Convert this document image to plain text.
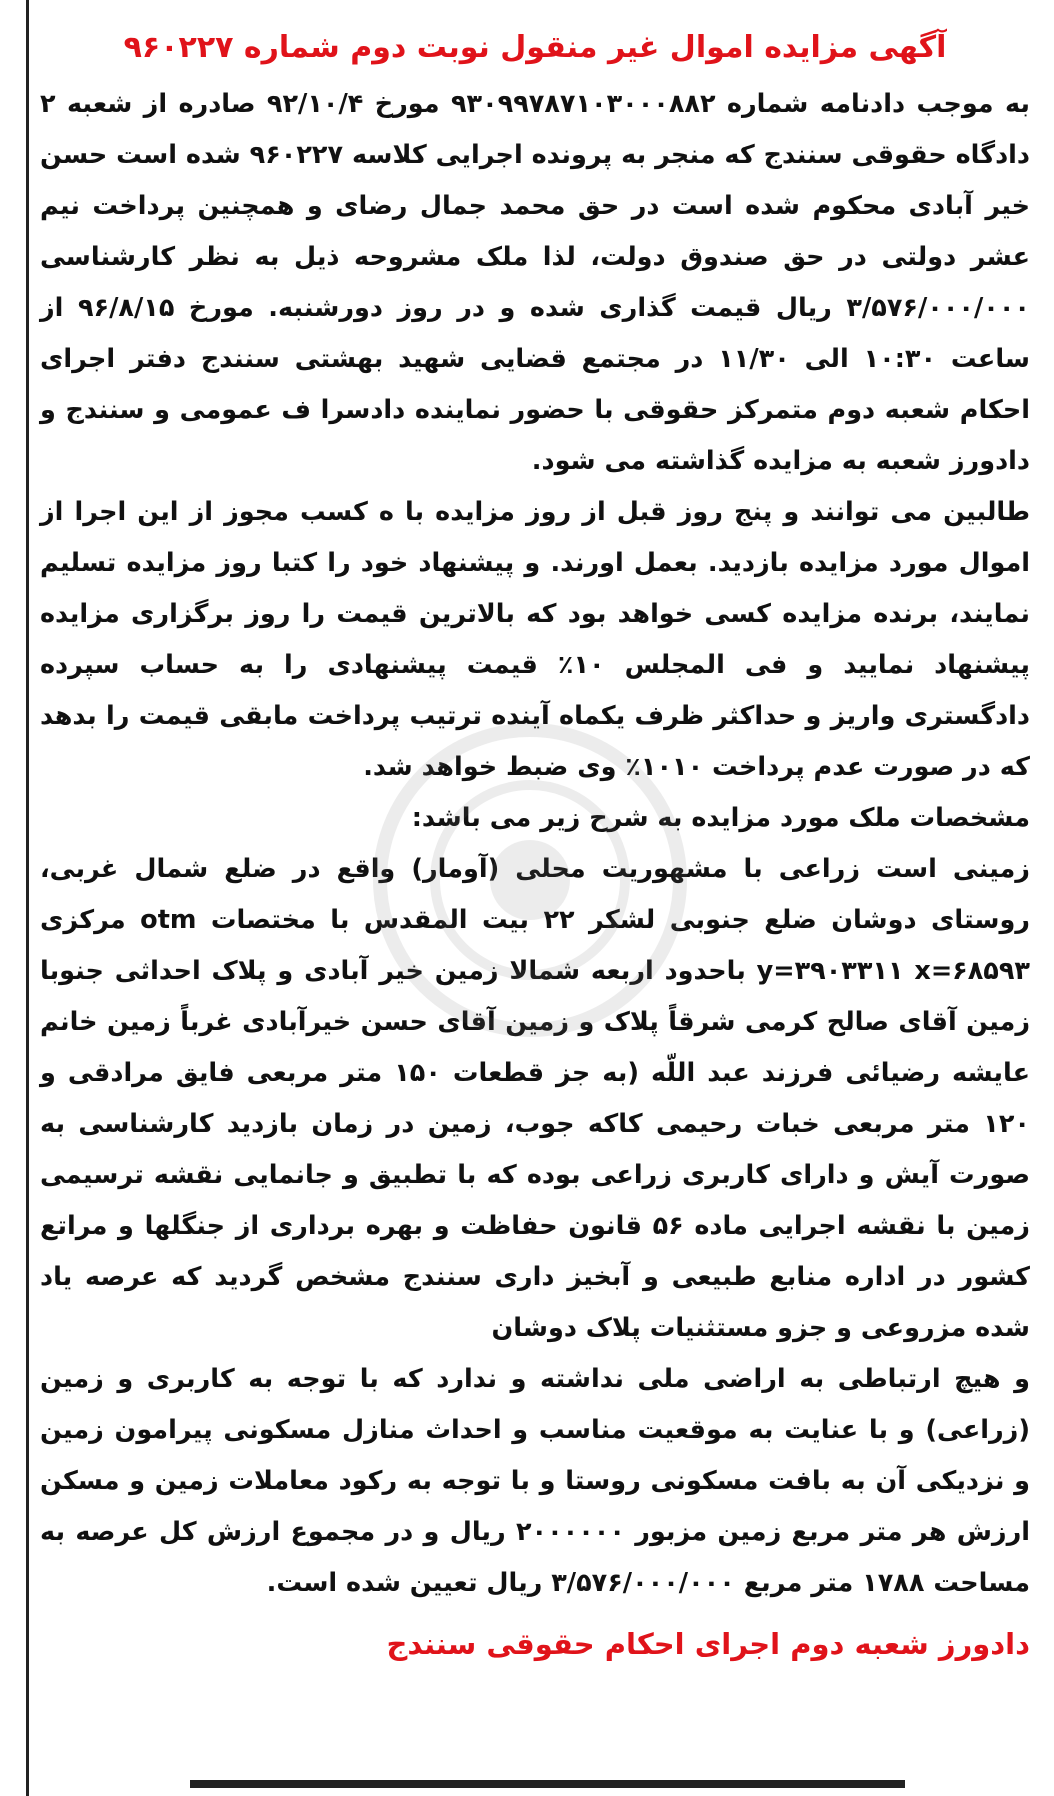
آگهی مزایده اموال غیر منقول نوبت دوم شماره ۹۶۰۲۲۷

به موجب دادنامه شماره ۹۳۰۹۹۷۸۷۱۰۳۰۰۰۸۸۲ مورخ ۹۲/۱۰/۴ صادره از شعبه ۲ دادگاه حقوقی سنندج که منجر به پرونده اجرایی کلاسه ۹۶۰۲۲۷ شده است حسن خیر آبادی محکوم شده است در حق محمد جمال رضای و همچنین پرداخت نیم عشر دولتی در حق صندوق دولت، لذا ملک مشروحه ذیل به نظر کارشناسی ۳/۵۷۶/۰۰۰/۰۰۰ ریال قیمت گذاری شده و در روز دورشنبه. مورخ ۹۶/۸/۱۵ از ساعت ۱۰:۳۰ الی ۱۱/۳۰ در مجتمع قضایی شهید بهشتی سنندج دفتر اجرای احکام شعبه دوم متمرکز حقوقی با حضور نماینده دادسرا ف عمومی و سنندج و دادورز شعبه به مزایده گذاشته می شود.

طالبین می توانند و پنج روز قبل از روز مزایده با ه کسب مجوز از این اجرا از اموال مورد مزایده بازدید. بعمل اورند. و پیشنهاد خود را کتبا روز مزایده تسلیم نمایند، برنده مزایده کسی خواهد بود که بالاترین قیمت را روز برگزاری مزایده پیشنهاد نمایید و فی المجلس ۱۰٪ قیمت پیشنهادی را به حساب سپرده دادگستری واریز و حداکثر ظرف یکماه آینده ترتیب پرداخت مابقی قیمت را بدهد که در صورت عدم پرداخت ۱۰۱۰٪ وی ضبط خواهد شد.

مشخصات ملک مورد مزایده به شرح زیر می باشد:

زمینی است زراعی با مشهوریت محلی (آومار) واقع در ضلع شمال غربی، روستای دوشان ضلع جنوبی لشکر ۲۲ بیت المقدس با مختصات otm مرکزی y=۳۹۰۳۳۱۱ x=۶۸۵۹۳ باحدود اربعه شمالا زمین خیر آبادی و پلاک احداثی جنوبا زمین آقای صالح کرمی شرقاً پلاک و زمین آقای حسن خیرآبادی غرباً زمین خانم عایشه رضیائی فرزند عبد اللّه (به جز قطعات ۱۵۰ متر مربعی فایق مرادقی و ۱۲۰ متر مربعی خبات رحیمی کاکه جوب، زمین در زمان بازدید کارشناسی به صورت آیش و دارای کاربری زراعی بوده که با تطبیق و جانمایی نقشه ترسیمی زمین با نقشه اجرایی ماده ۵۶ قانون حفاظت و بهره برداری از جنگلها و مراتع کشور در اداره منابع طبیعی و آبخیز داری سنندج مشخص گردید که عرصه یاد شده مزروعی و جزو مستثنیات پلاک دوشان

و هیچ ارتباطی به اراضی ملی نداشته و ندارد که با توجه به کاربری و زمین (زراعی) و با عنایت به موقعیت مناسب و احداث منازل مسکونی پیرامون زمین و نزدیکی آن به بافت مسکونی روستا و با توجه به رکود معاملات زمین و مسکن ارزش هر متر مربع زمین مزبور ۲۰۰۰۰۰۰ ریال و در مجموع ارزش کل عرصه به مساحت ۱۷۸۸ متر مربع ۳/۵۷۶/۰۰۰/۰۰۰ ریال تعیین شده است.

دادورز شعبه دوم اجرای احکام حقوقی سنندج
